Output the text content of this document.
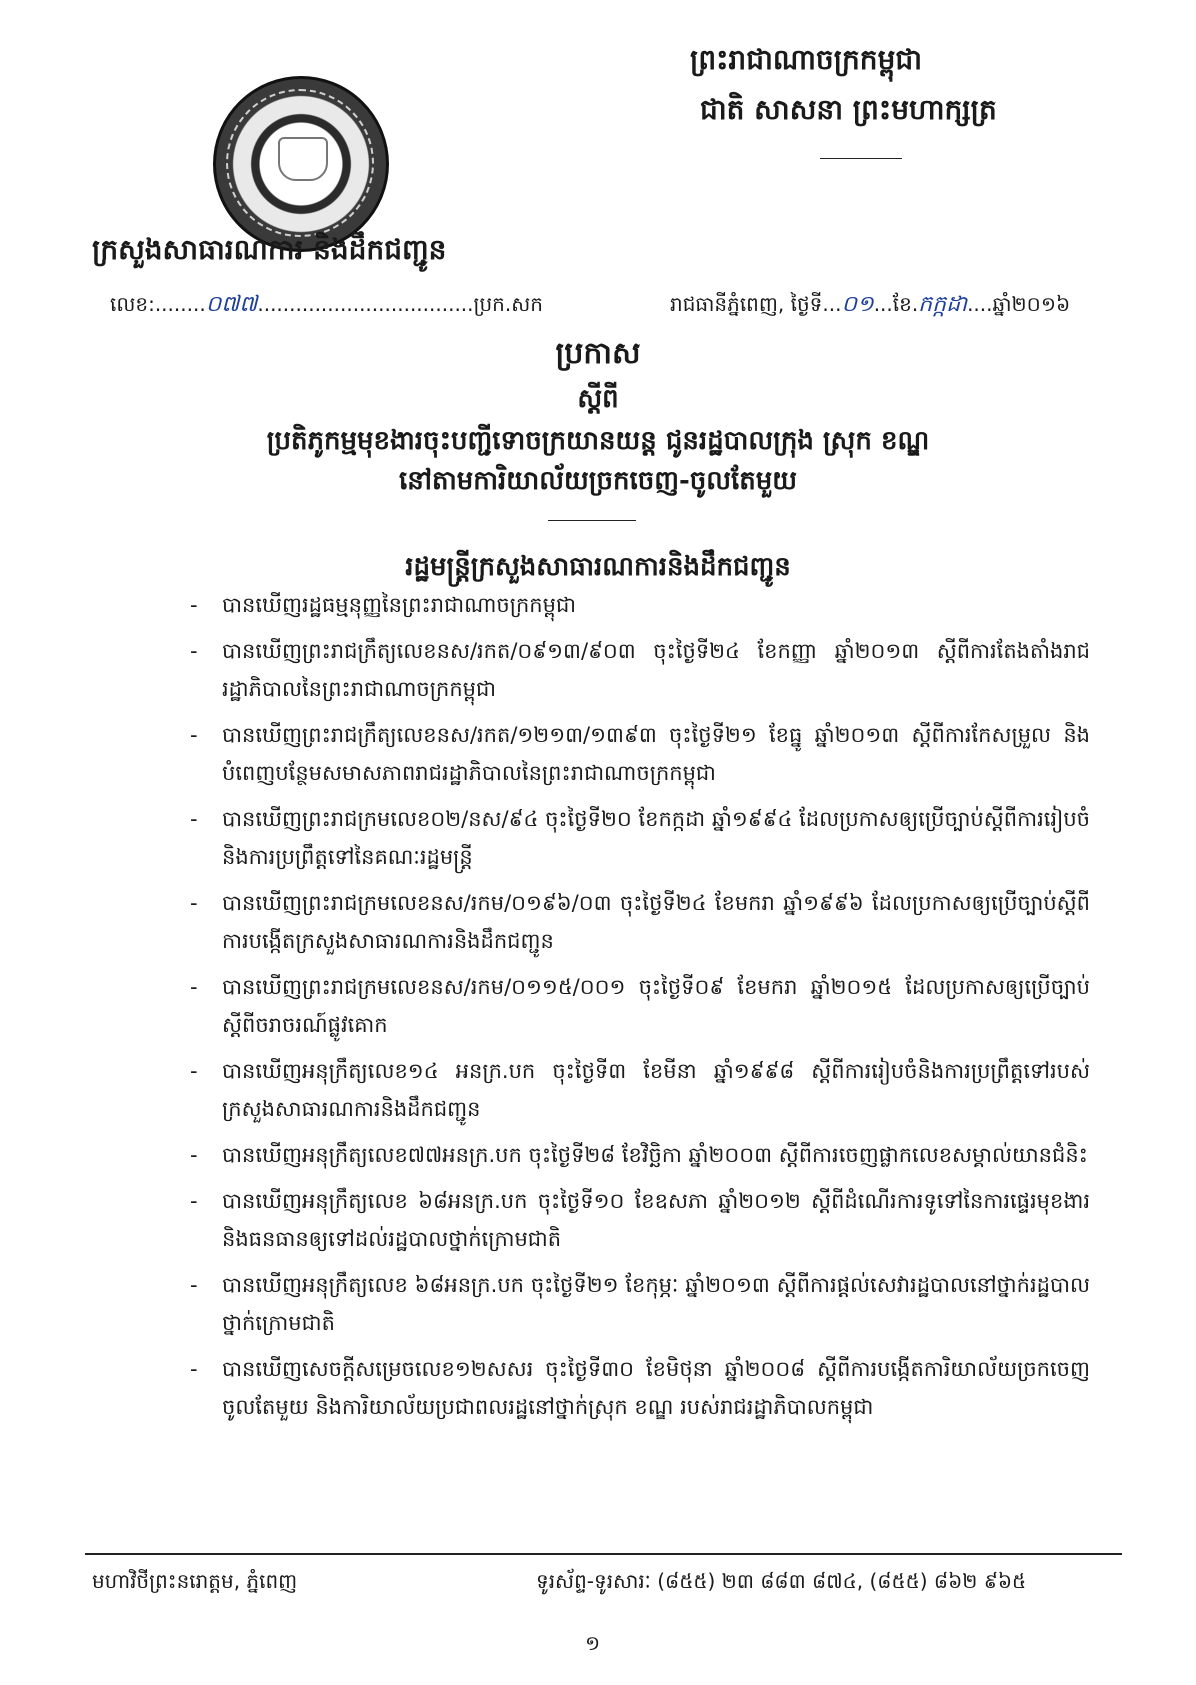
ព្រះរាជាណាចក្រកម្ពុជា
ជាតិ សាសនា ព្រះមហាក្សត្រ
ក្រសួងសាធារណការ និងដឹកជញ្ជូន
លេខ:........០៧៧..................................ប្រក.សក	រាជធានីភ្នំពេញ, ថ្ងៃទី...០១...ខែ.កក្កដា....ឆ្នាំ២០១៦
ប្រកាស
ស្តីពី
ប្រតិភូកម្មមុខងារចុះបញ្ជីទោចក្រយានយន្ត ជូនរដ្ឋបាលក្រុង ស្រុក ខណ្ឌ
នៅតាមការិយាល័យច្រកចេញ-ចូលតែមួយ
រដ្ឋមន្ត្រីក្រសួងសាធារណការនិងដឹកជញ្ជូន
- បានឃើញរដ្ឋធម្មនុញ្ញនៃព្រះរាជាណាចក្រកម្ពុជា
- បានឃើញព្រះរាជក្រឹត្យលេខនស/រកត/០៩១៣/៩០៣ ចុះថ្ងៃទី២៤ ខែកញ្ញា ឆ្នាំ២០១៣ ស្តីពីការតែងតាំងរាជរដ្ឋាភិបាលនៃព្រះរាជាណាចក្រកម្ពុជា
- បានឃើញព្រះរាជក្រឹត្យលេខនស/រកត/១២១៣/១៣៩៣ ចុះថ្ងៃទី២១ ខែធ្នូ ឆ្នាំ២០១៣ ស្តីពីការកែសម្រួល និងបំពេញបន្ថែមសមាសភាពរាជរដ្ឋាភិបាលនៃព្រះរាជាណាចក្រកម្ពុជា
- បានឃើញព្រះរាជក្រមលេខ០២/នស/៩៤ ចុះថ្ងៃទី២០ ខែកក្កដា ឆ្នាំ១៩៩៤ ដែលប្រកាសឲ្យប្រើច្បាប់ស្តីពីការរៀបចំនិងការប្រព្រឹត្តទៅនៃគណៈរដ្ឋមន្ត្រី
- បានឃើញព្រះរាជក្រមលេខនស/រកម/០១៩៦/០៣ ចុះថ្ងៃទី២៤ ខែមករា ឆ្នាំ១៩៩៦ ដែលប្រកាសឲ្យប្រើច្បាប់ស្តីពីការបង្កើតក្រសួងសាធារណការនិងដឹកជញ្ជូន
- បានឃើញព្រះរាជក្រមលេខនស/រកម/០១១៥/០០១ ចុះថ្ងៃទី០៩ ខែមករា ឆ្នាំ២០១៥ ដែលប្រកាសឲ្យប្រើច្បាប់ស្តីពីចរាចរណ៍ផ្លូវគោក
- បានឃើញអនុក្រឹត្យលេខ១៤ អនក្រ.បក ចុះថ្ងៃទី៣ ខែមីនា ឆ្នាំ១៩៩៨ ស្តីពីការរៀបចំនិងការប្រព្រឹត្តទៅរបស់ក្រសួងសាធារណការនិងដឹកជញ្ជូន
- បានឃើញអនុក្រឹត្យលេខ៧៧អនក្រ.បក ចុះថ្ងៃទី២៨ ខែវិច្ឆិកា ឆ្នាំ២០០៣ ស្តីពីការចេញផ្លាកលេខសម្គាល់យានជំនិះ
- បានឃើញអនុក្រឹត្យលេខ ៦៨អនក្រ.បក ចុះថ្ងៃទី១០ ខែឧសភា ឆ្នាំ២០១២ ស្តីពីដំណើរការទូទៅនៃការផ្ទេរមុខងារនិងធនធានឲ្យទៅដល់រដ្ឋបាលថ្នាក់ក្រោមជាតិ
- បានឃើញអនុក្រឹត្យលេខ ៦៨អនក្រ.បក ចុះថ្ងៃទី២១ ខែកុម្ភៈ ឆ្នាំ២០១៣ ស្តីពីការផ្តល់សេវារដ្ឋបាលនៅថ្នាក់រដ្ឋបាលថ្នាក់ក្រោមជាតិ
- បានឃើញសេចក្តីសម្រេចលេខ១២សសរ ចុះថ្ងៃទី៣០ ខែមិថុនា ឆ្នាំ២០០៨ ស្តីពីការបង្កើតការិយាល័យច្រកចេញចូលតែមួយ និងការិយាល័យប្រជាពលរដ្ឋនៅថ្នាក់ស្រុក ខណ្ឌ របស់រាជរដ្ឋាភិបាលកម្ពុជា
មហាវិថីព្រះនរោត្តម, ភ្នំពេញ	ទូរស័ព្ទ-ទូរសារៈ (៨៥៥) ២៣ ៨៨៣ ៨៧៤, (៨៥៥) ៨៦២ ៩៦៥
១
